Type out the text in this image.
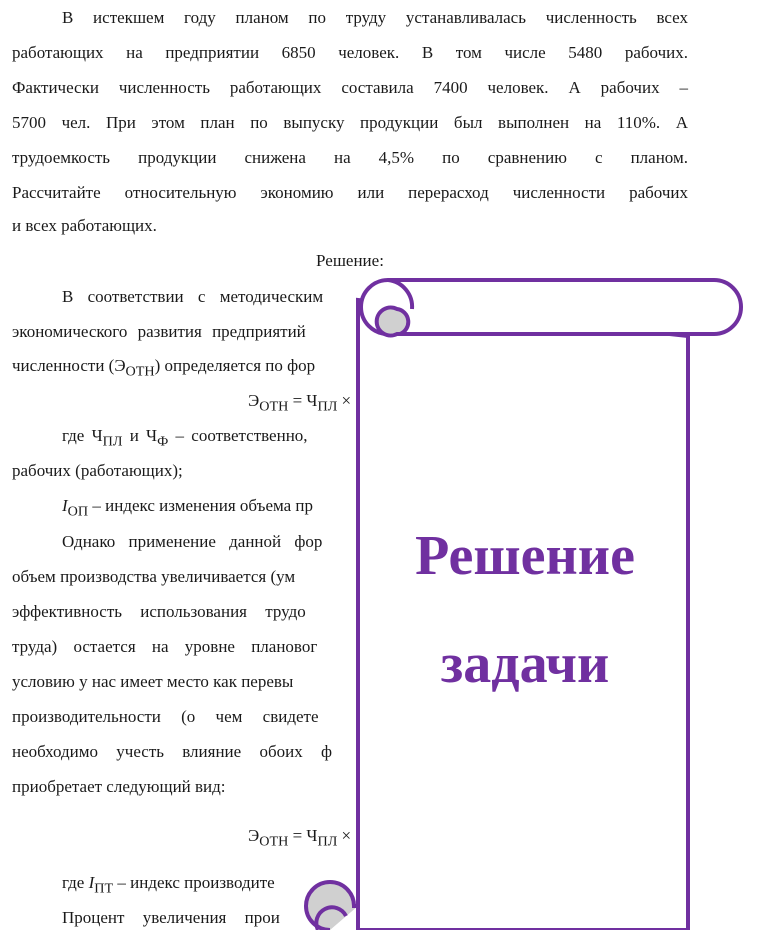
В истекшем году планом по труду устанавливалась численность всех
работающих на предприятии 6850 человек. В том числе 5480 рабочих.
Фактически численность работающих составила 7400 человек. А рабочих –
5700 чел. При этом план по выпуску продукции был выполнен на 110%. А
трудоемкость продукции снижена на 4,5% по сравнению с планом.
Рассчитайте относительную экономию или перерасход численности рабочих
и всех работающих.
Решение:
В соответствии с методическим
экономического развития предприятий
численности $(Э_{ОТН})$ определяется по фор
$Э_{ОТН} = Ч_{ПЛ}$ ×
где $Ч_{ПЛ}$ и $Ч_Ф$ – соответственно,
рабочих (работающих);
$I_{ОП}$ – индекс изменения объема пр
Однако применение данной фор
объем производства увеличивается (ум
эффективность использования трудо
труда) остается на уровне плановог
условию у нас имеет место как перевы
производительности (о чем свидете
необходимо учесть влияние обоих ф
приобретает следующий вид:
$Э_{ОТН} = Ч_{ПЛ}$ ×
где $I_{ПТ}$ – индекс производите
Процент увеличения прои
Решение
задачи
